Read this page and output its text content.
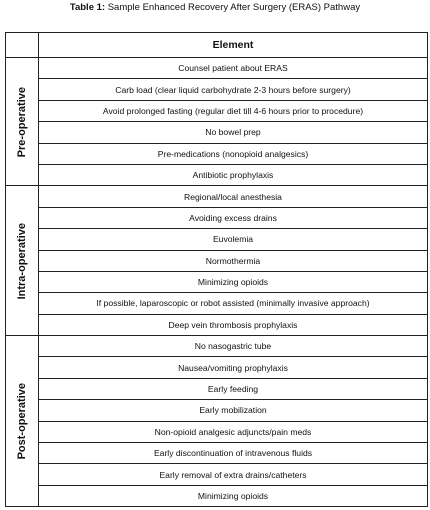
Table 1: Sample Enhanced Recovery After Surgery (ERAS) Pathway
	Element

Pre-operative	Counsel patient about ERAS
	Carb load (clear liquid carbohydrate 2-3 hours before surgery)
	Avoid prolonged fasting (regular diet till 4-6 hours prior to procedure)
	No bowel prep
	Pre-medications (nonopioid analgesics)
	Antibiotic prophylaxis

Intra-operative	Regional/local anesthesia
	Avoiding excess drains
	Euvolemia
	Normothermia
	Minimizing opioids
	If possible, laparoscopic or robot assisted (minimally invasive approach)
	Deep vein thrombosis prophylaxis

Post-operative	No nasogastric tube
	Nausea/vomiting prophylaxis
	Early feeding
	Early mobilization
	Non-opioid analgesic adjuncts/pain meds
	Early discontinuation of intravenous fluids
	Early removal of extra drains/catheters
	Minimizing opioids
